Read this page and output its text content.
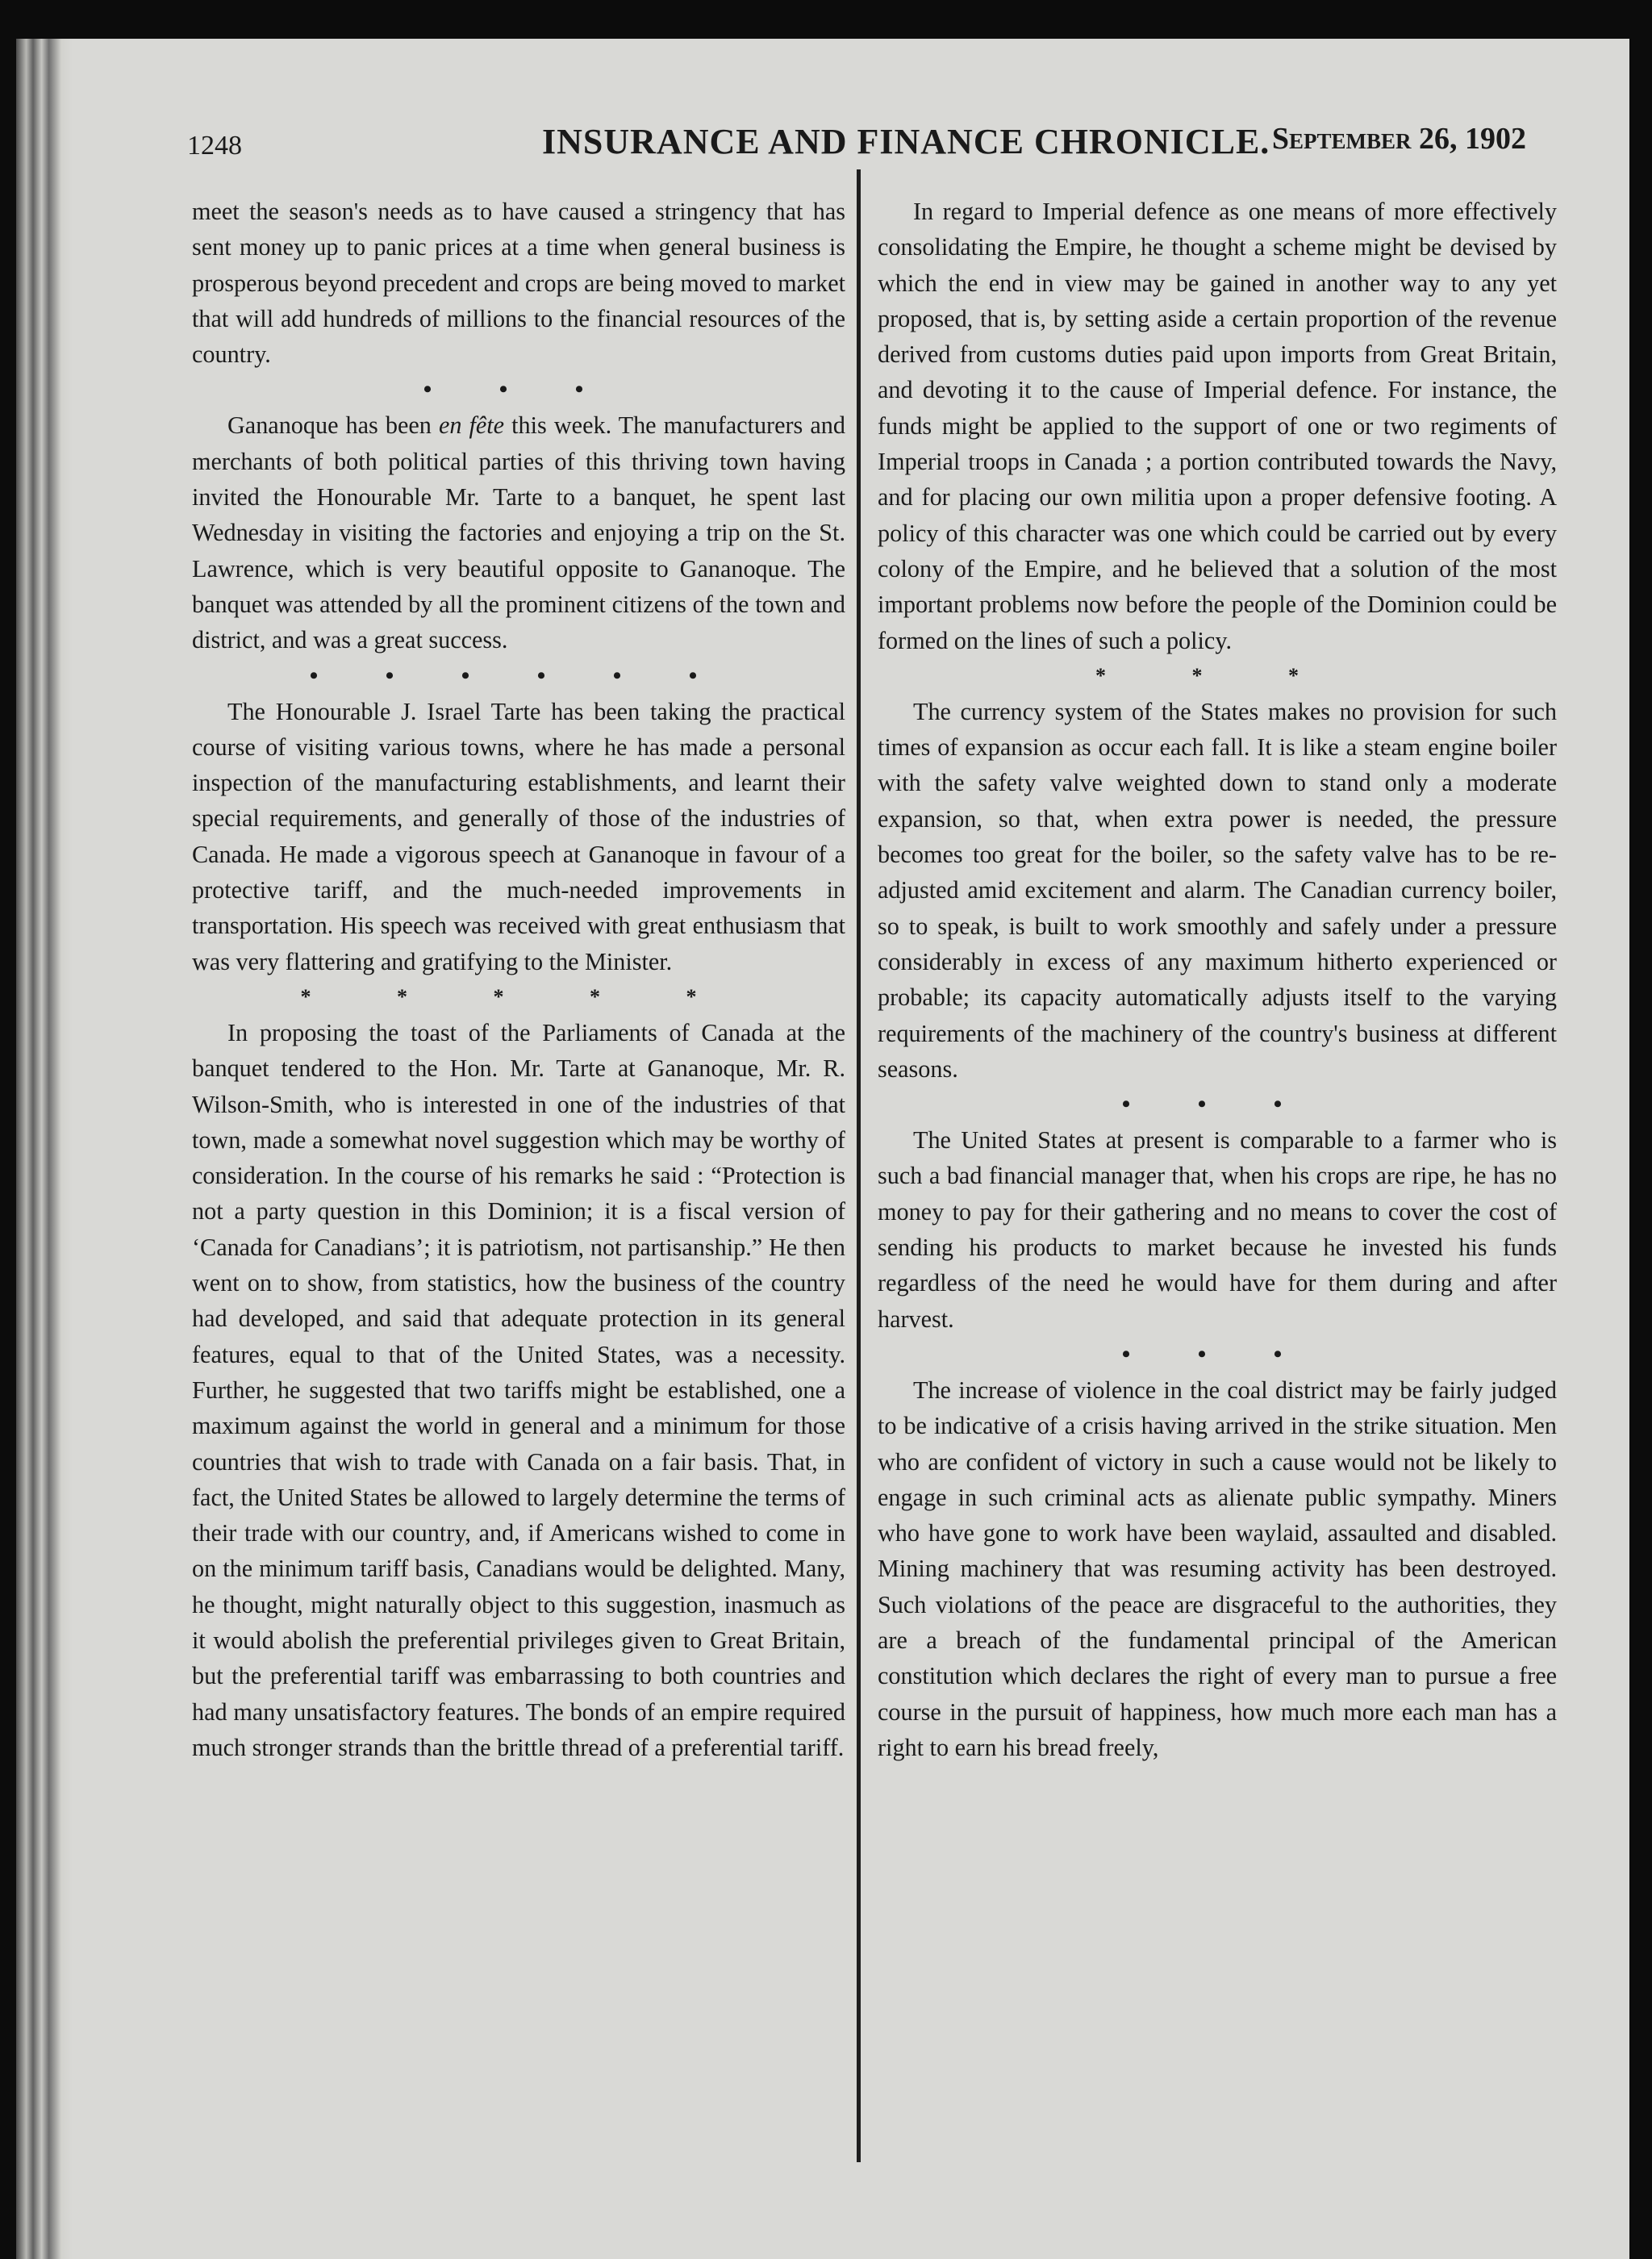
1248	INSURANCE AND FINANCE CHRONICLE. September 26, 1902

meet the season's needs as to have caused a stringency that has sent money up to panic prices at a time when general business is prosperous beyond precedent and crops are being moved to market that will add hundreds of millions to the financial resources of the country.

• • •

Gananoque has been en fête this week. The manufacturers and merchants of both political parties of this thriving town having invited the Honourable Mr. Tarte to a banquet, he spent last Wednesday in visiting the factories and enjoying a trip on the St. Lawrence, which is very beautiful opposite to Gananoque. The banquet was attended by all the prominent citizens of the town and district, and was a great success.

• • • • • •

The Honourable J. Israel Tarte has been taking the practical course of visiting various towns, where he has made a personal inspection of the manufacturing establishments, and learnt their special requirements, and generally of those of the industries of Canada. He made a vigorous speech at Gananoque in favour of a protective tariff, and the much-needed improvements in transportation. His speech was received with great enthusiasm that was very flattering and gratifying to the Minister.

* * * * *

In proposing the toast of the Parliaments of Canada at the banquet tendered to the Hon. Mr. Tarte at Gananoque, Mr. R. Wilson-Smith, who is interested in one of the industries of that town, made a somewhat novel suggestion which may be worthy of consideration. In the course of his remarks he said : “Protection is not a party question in this Dominion; it is a fiscal version of ‘Canada for Canadians’; it is patriotism, not partisanship.” He then went on to show, from statistics, how the business of the country had developed, and said that adequate protection in its general features, equal to that of the United States, was a necessity. Further, he suggested that two tariffs might be established, one a maximum against the world in general and a minimum for those countries that wish to trade with Canada on a fair basis. That, in fact, the United States be allowed to largely determine the terms of their trade with our country, and, if Americans wished to come in on the minimum tariff basis, Canadians would be delighted. Many, he thought, might naturally object to this suggestion, inasmuch as it would abolish the preferential privileges given to Great Britain, but the preferential tariff was embarrassing to both countries and had many unsatisfactory features. The bonds of an empire required much stronger strands than the brittle thread of a preferential tariff.

In regard to Imperial defence as one means of more effectively consolidating the Empire, he thought a scheme might be devised by which the end in view may be gained in another way to any yet proposed, that is, by setting aside a certain proportion of the revenue derived from customs duties paid upon imports from Great Britain, and devoting it to the cause of Imperial defence. For instance, the funds might be applied to the support of one or two regiments of Imperial troops in Canada ; a portion contributed towards the Navy, and for placing our own militia upon a proper defensive footing. A policy of this character was one which could be carried out by every colony of the Empire, and he believed that a solution of the most important problems now before the people of the Dominion could be formed on the lines of such a policy.

* * *

The currency system of the States makes no provision for such times of expansion as occur each fall. It is like a steam engine boiler with the safety valve weighted down to stand only a moderate expansion, so that, when extra power is needed, the pressure becomes too great for the boiler, so the safety valve has to be re-adjusted amid excitement and alarm. The Canadian currency boiler, so to speak, is built to work smoothly and safely under a pressure considerably in excess of any maximum hitherto experienced or probable; its capacity automatically adjusts itself to the varying requirements of the machinery of the country's business at different seasons.

• • •

The United States at present is comparable to a farmer who is such a bad financial manager that, when his crops are ripe, he has no money to pay for their gathering and no means to cover the cost of sending his products to market because he invested his funds regardless of the need he would have for them during and after harvest.

• • •

The increase of violence in the coal district may be fairly judged to be indicative of a crisis having arrived in the strike situation. Men who are confident of victory in such a cause would not be likely to engage in such criminal acts as alienate public sympathy. Miners who have gone to work have been waylaid, assaulted and disabled. Mining machinery that was resuming activity has been destroyed. Such violations of the peace are disgraceful to the authorities, they are a breach of the fundamental principal of the American constitution which declares the right of every man to pursue a free course in the pursuit of happiness, how much more each man has a right to earn his bread freely,
